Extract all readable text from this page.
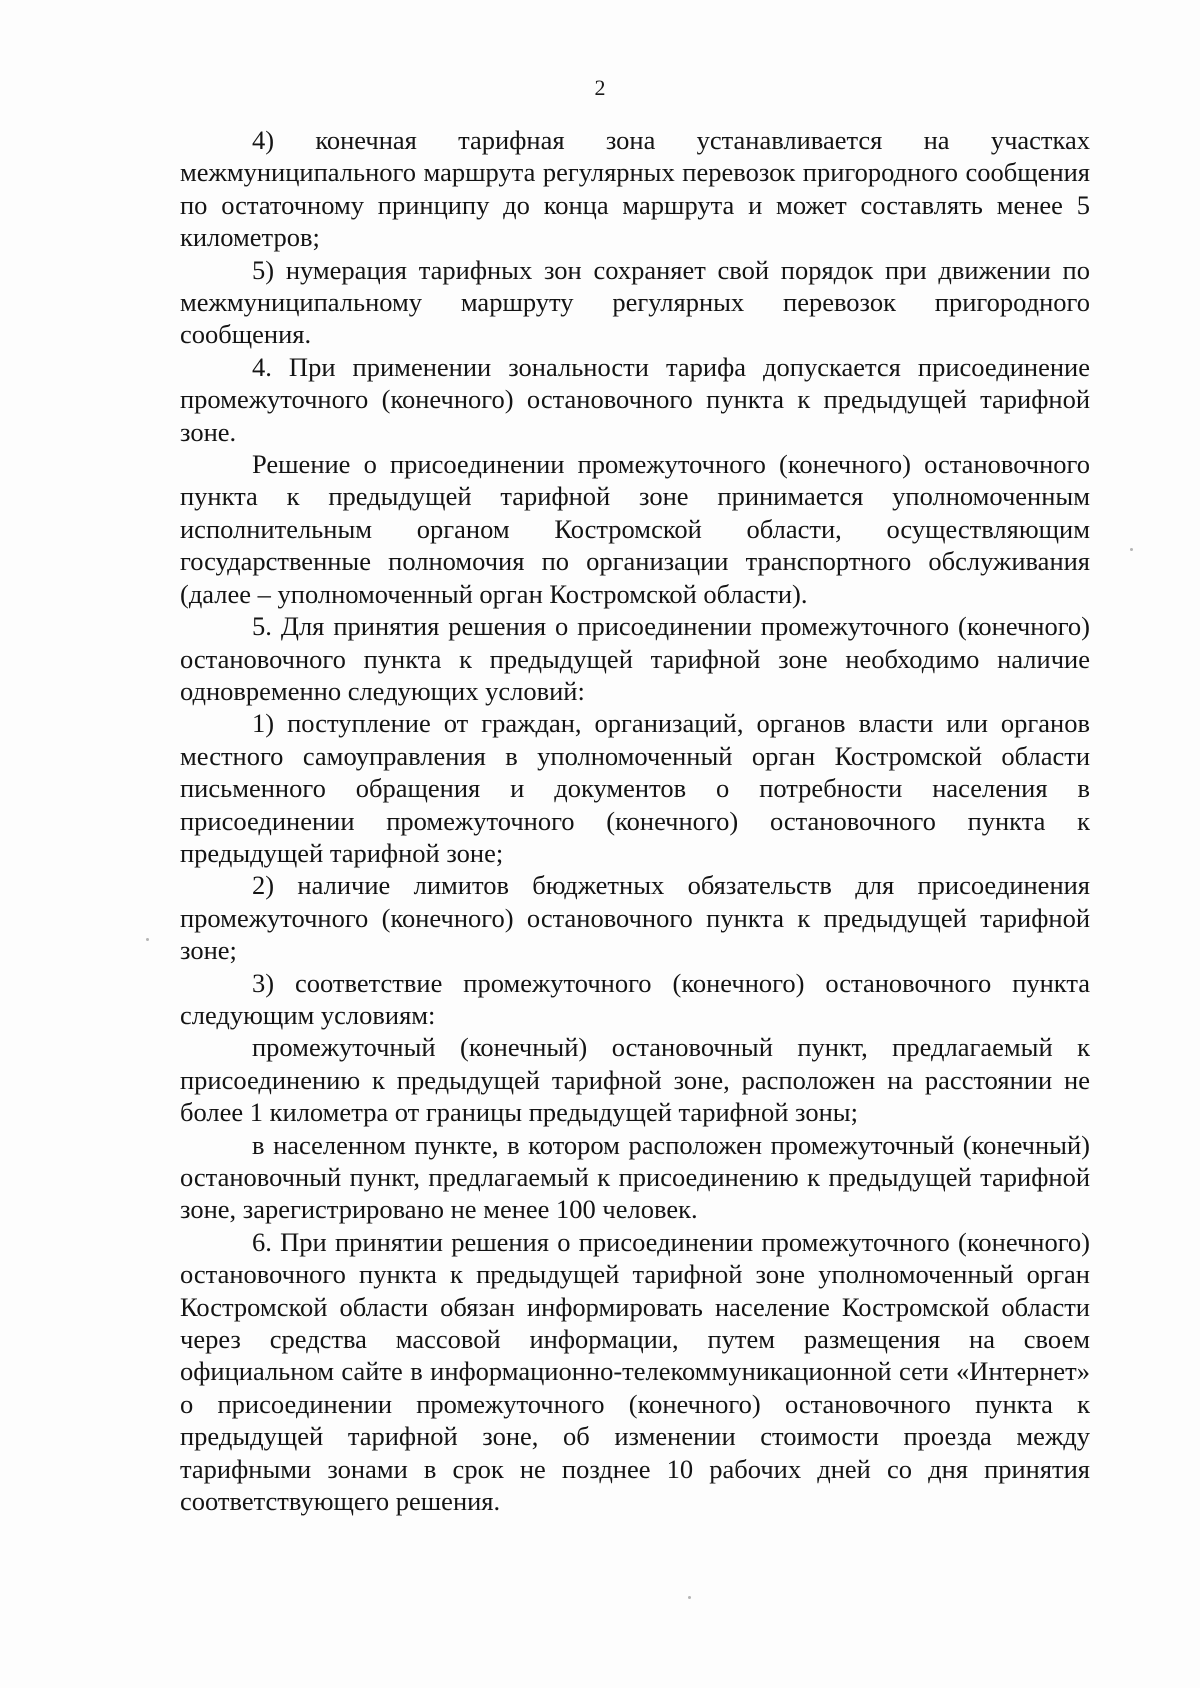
2

4) конечная тарифная зона устанавливается на участках межмуниципального маршрута регулярных перевозок пригородного сообщения по остаточному принципу до конца маршрута и может составлять менее 5 километров;

5) нумерация тарифных зон сохраняет свой порядок при движении по межмуниципальному маршруту регулярных перевозок пригородного сообщения.

4. При применении зональности тарифа допускается присоединение промежуточного (конечного) остановочного пункта к предыдущей тарифной зоне.

Решение о присоединении промежуточного (конечного) остановочного пункта к предыдущей тарифной зоне принимается уполномоченным исполнительным органом Костромской области, осуществляющим государственные полномочия по организации транспортного обслуживания (далее – уполномоченный орган Костромской области).

5. Для принятия решения о присоединении промежуточного (конечного) остановочного пункта к предыдущей тарифной зоне необходимо наличие одновременно следующих условий:

1) поступление от граждан, организаций, органов власти или органов местного самоуправления в уполномоченный орган Костромской области письменного обращения и документов о потребности населения в присоединении промежуточного (конечного) остановочного пункта к предыдущей тарифной зоне;

2) наличие лимитов бюджетных обязательств для присоединения промежуточного (конечного) остановочного пункта к предыдущей тарифной зоне;

3) соответствие промежуточного (конечного) остановочного пункта следующим условиям:

промежуточный (конечный) остановочный пункт, предлагаемый к присоединению к предыдущей тарифной зоне, расположен на расстоянии не более 1 километра от границы предыдущей тарифной зоны;

в населенном пункте, в котором расположен промежуточный (конечный) остановочный пункт, предлагаемый к присоединению к предыдущей тарифной зоне, зарегистрировано не менее 100 человек.

6. При принятии решения о присоединении промежуточного (конечного) остановочного пункта к предыдущей тарифной зоне уполномоченный орган Костромской области обязан информировать население Костромской области через средства массовой информации, путем размещения на своем официальном сайте в информационно-телекоммуникационной сети «Интернет» о присоединении промежуточного (конечного) остановочного пункта к предыдущей тарифной зоне, об изменении стоимости проезда между тарифными зонами в срок не позднее 10 рабочих дней со дня принятия соответствующего решения.
